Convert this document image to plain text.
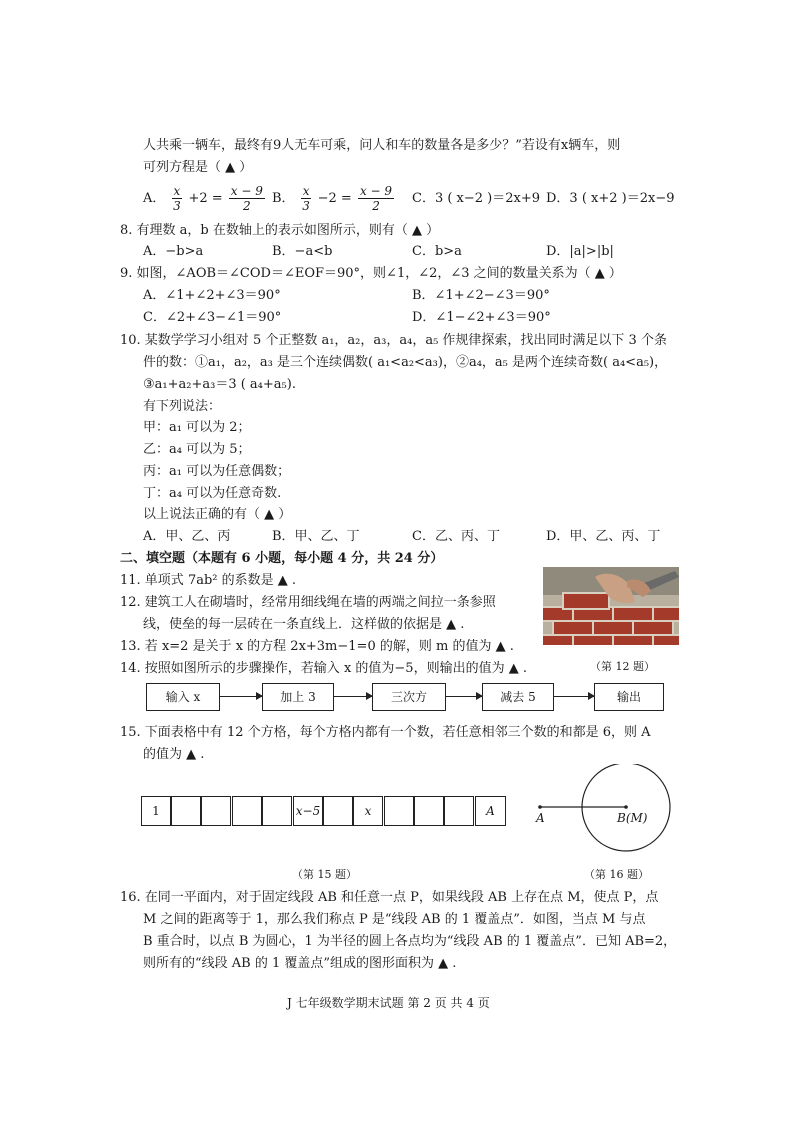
人共乘一辆车，最终有9人无车可乘，问人和车的数量各是多少？”若设有x辆车，则
可列方程是（ ▲ ）
A． $\frac{x}{3} +2 = \frac{x - 9}{2}$ B． $\frac{x}{3} -2 = \frac{x - 9}{2}$ C．3 ( x−2 )＝2x+9 D．3 ( x+2 )＝2x−9
8. 有理数 a，b 在数轴上的表示如图所示，则有（ ▲ ）
A．−b>a	B．−a<b	C．b>a	D．|a|>|b|
9. 如图，∠AOB＝∠COD＝∠EOF＝90°，则∠1，∠2，∠3 之间的数量关系为（ ▲ ）
A．∠1+∠2+∠3＝90°	B．∠1+∠2−∠3＝90°
C．∠2+∠3−∠1＝90°	D．∠1−∠2+∠3＝90°
10. 某数学学习小组对 5 个正整数 a₁，a₂，a₃，a₄，a₅ 作规律探索，找出同时满足以下 3 个条
件的数：①a₁，a₂，a₃ 是三个连续偶数( a₁<a₂<a₃)，②a₄，a₅ 是两个连续奇数( a₄<a₅)，
③a₁+a₂+a₃＝3 ( a₄+a₅).
有下列说法：
甲：a₁ 可以为 2；
乙：a₄ 可以为 5；
丙：a₁ 可以为任意偶数；
丁：a₄ 可以为任意奇数.
以上说法正确的有（ ▲ ）
A．甲、乙、丙	B．甲、乙、丁	C．乙、丙、丁	D．甲、乙、丙、丁
二、填空题（本题有 6 小题，每小题 4 分，共 24 分）
11. 单项式 7ab² 的系数是 ▲ .
12. 建筑工人在砌墙时，经常用细线绳在墙的两端之间拉一条参照
线，使垒的每一层砖在一条直线上．这样做的依据是 ▲ .
（第 12 题）
13. 若 x=2 是关于 x 的方程 2x+3m−1=0 的解，则 m 的值为 ▲ .
14. 按照如图所示的步骤操作，若输入 x 的值为−5，则输出的值为 ▲ .
输入 x	加上 3	三次方	减去 5	输出
15. 下面表格中有 12 个方格，每个方格内都有一个数，若任意相邻三个数的和都是 6，则 A
的值为 ▲ .
1	x−5	x	A
（第 15 题）
A	B(M)
（第 16 题）
16. 在同一平面内，对于固定线段 AB 和任意一点 P，如果线段 AB 上存在点 M，使点 P，点
M 之间的距离等于 1，那么我们称点 P 是“线段 AB 的 1 覆盖点”．如图，当点 M 与点
B 重合时，以点 B 为圆心，1 为半径的圆上各点均为“线段 AB 的 1 覆盖点”．已知 AB=2，
则所有的“线段 AB 的 1 覆盖点”组成的图形面积为 ▲ .
J 七年级数学期末试题 第 2 页 共 4 页
